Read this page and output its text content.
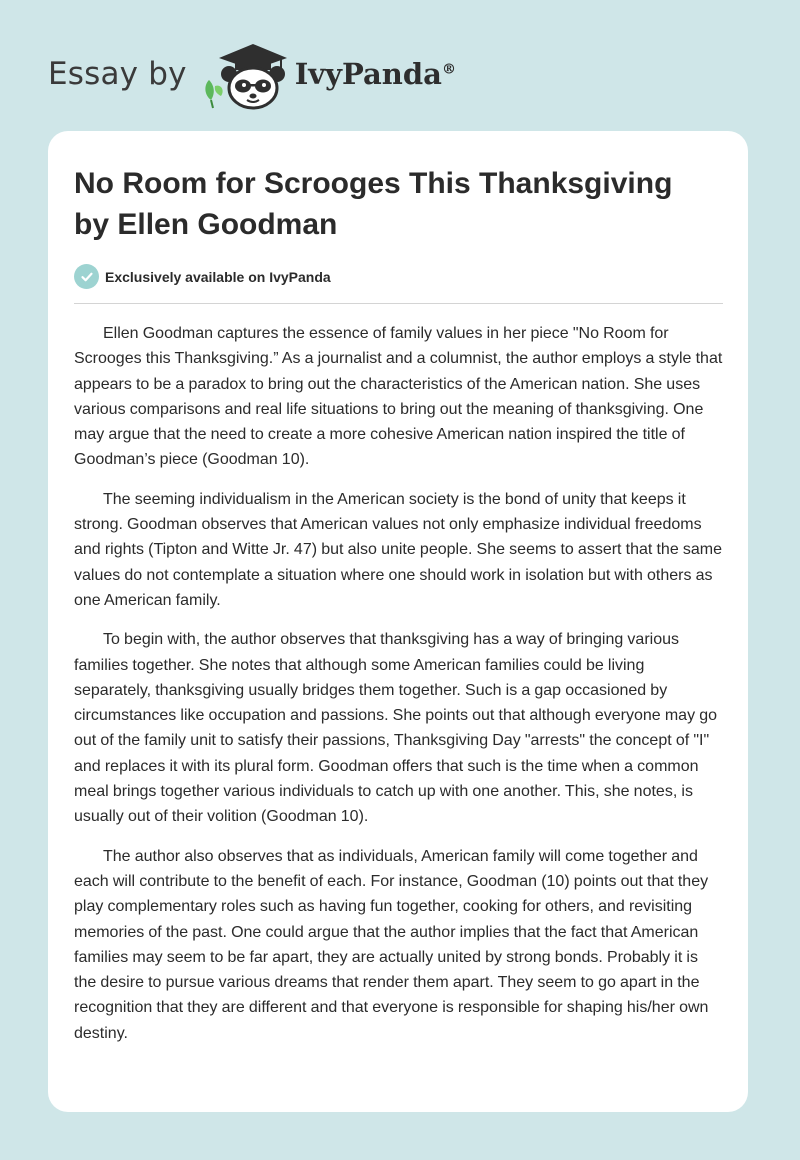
Essay by	IvyPanda®
No Room for Scrooges This Thanksgiving by Ellen Goodman
Exclusively available on IvyPanda

Ellen Goodman captures the essence of family values in her piece "No Room for Scrooges this Thanksgiving.” As a journalist and a columnist, the author employs a style that appears to be a paradox to bring out the characteristics of the American nation. She uses various comparisons and real life situations to bring out the meaning of thanksgiving. One may argue that the need to create a more cohesive American nation inspired the title of Goodman’s piece (Goodman 10).

The seeming individualism in the American society is the bond of unity that keeps it strong. Goodman observes that American values not only emphasize individual freedoms and rights (Tipton and Witte Jr. 47) but also unite people. She seems to assert that the same values do not contemplate a situation where one should work in isolation but with others as one American family.

To begin with, the author observes that thanksgiving has a way of bringing various families together. She notes that although some American families could be living separately, thanksgiving usually bridges them together. Such is a gap occasioned by circumstances like occupation and passions. She points out that although everyone may go out of the family unit to satisfy their passions, Thanksgiving Day "arrests" the concept of "I" and replaces it with its plural form. Goodman offers that such is the time when a common meal brings together various individuals to catch up with one another. This, she notes, is usually out of their volition (Goodman 10).

The author also observes that as individuals, American family will come together and each will contribute to the benefit of each. For instance, Goodman (10) points out that they play complementary roles such as having fun together, cooking for others, and revisiting memories of the past. One could argue that the author implies that the fact that American families may seem to be far apart, they are actually united by strong bonds. Probably it is the desire to pursue various dreams that render them apart. They seem to go apart in the recognition that they are different and that everyone is responsible for shaping his/her own destiny.
